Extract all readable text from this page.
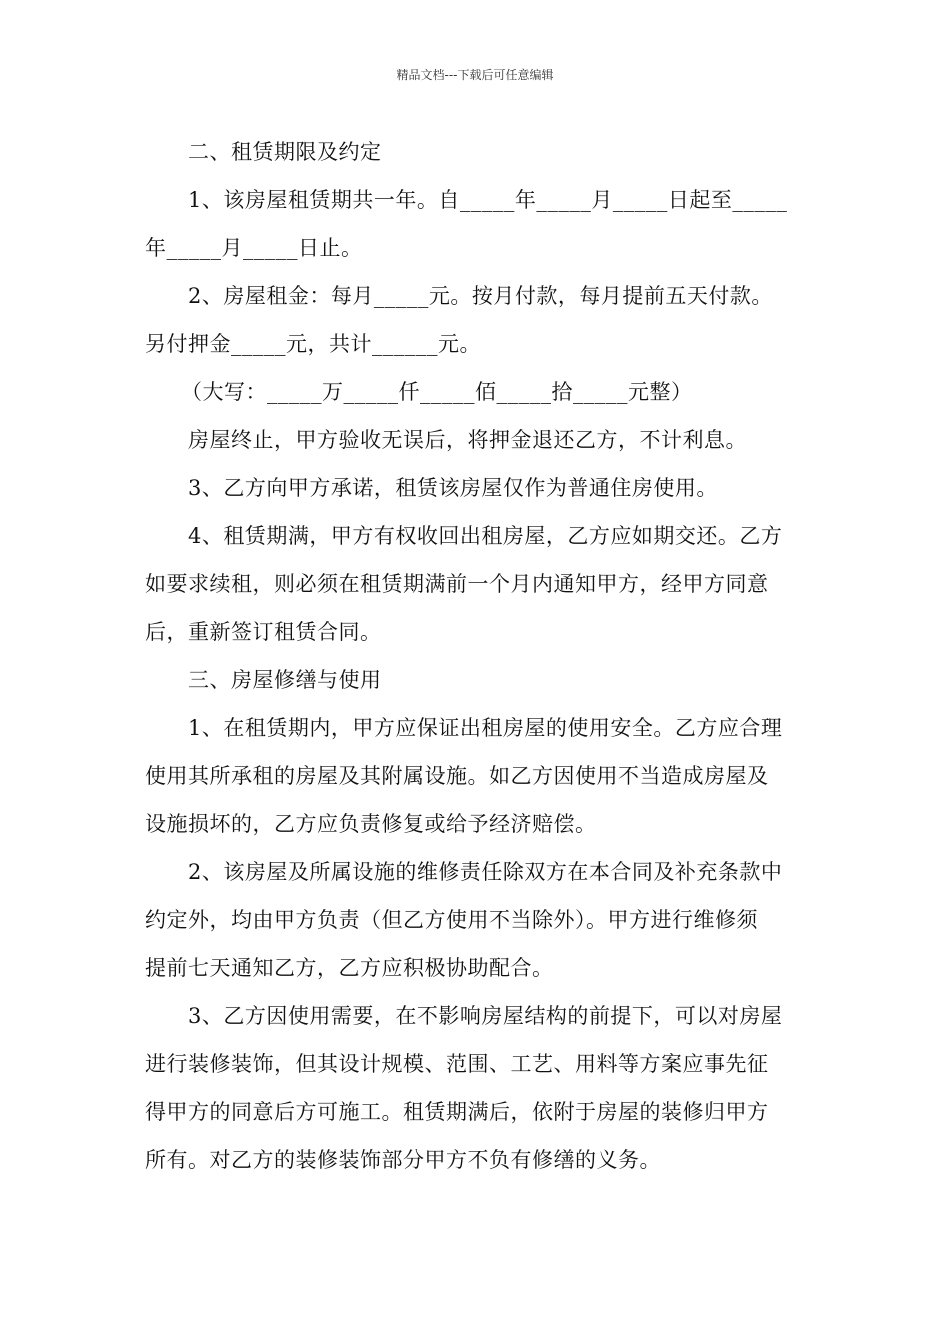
精品文档---下载后可任意编辑
二、租赁期限及约定
1、该房屋租赁期共一年。自_____年_____月_____日起至_____
年_____月_____日止。
2、房屋租金：每月_____元。按月付款，每月提前五天付款。
另付押金_____元，共计______元。
（大写：_____万_____仟_____佰_____拾_____元整）
房屋终止，甲方验收无误后，将押金退还乙方，不计利息。
3、乙方向甲方承诺，租赁该房屋仅作为普通住房使用。
4、租赁期满，甲方有权收回出租房屋，乙方应如期交还。乙方
如要求续租，则必须在租赁期满前一个月内通知甲方，经甲方同意
后，重新签订租赁合同。
三、房屋修缮与使用
1、在租赁期内，甲方应保证出租房屋的使用安全。乙方应合理
使用其所承租的房屋及其附属设施。如乙方因使用不当造成房屋及
设施损坏的，乙方应负责修复或给予经济赔偿。
2、该房屋及所属设施的维修责任除双方在本合同及补充条款中
约定外，均由甲方负责（但乙方使用不当除外）。甲方进行维修须
提前七天通知乙方，乙方应积极协助配合。
3、乙方因使用需要，在不影响房屋结构的前提下，可以对房屋
进行装修装饰，但其设计规模、范围、工艺、用料等方案应事先征
得甲方的同意后方可施工。租赁期满后，依附于房屋的装修归甲方
所有。对乙方的装修装饰部分甲方不负有修缮的义务。
